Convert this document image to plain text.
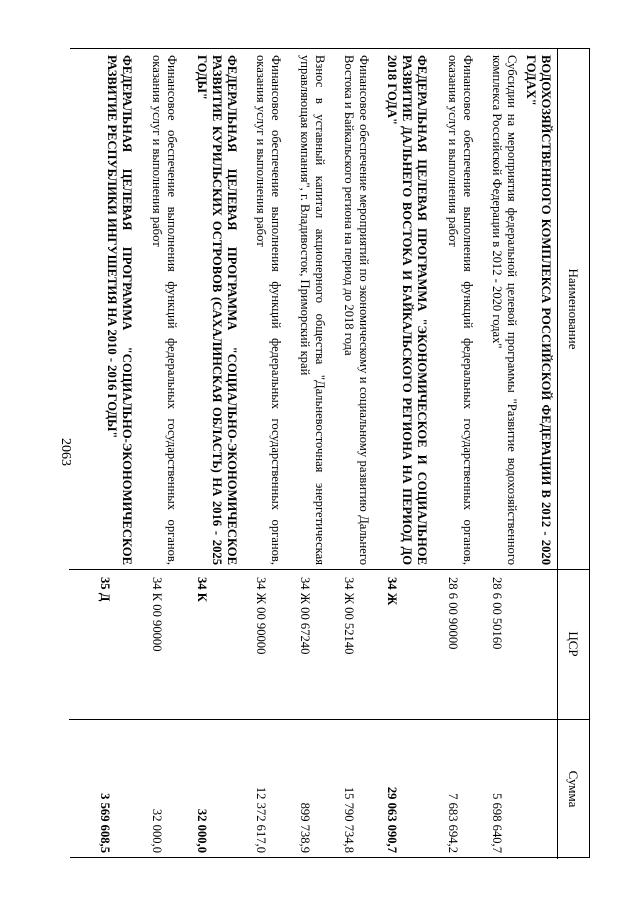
2063
Наименование
ЦСР
Сумма
ВОДОХОЗЯЙСТВЕННОГО КОМПЛЕКСА РОССИЙСКОЙ ФЕДЕРАЦИИ В 2012 - 2020 ГОДАХ"
Субсидии на мероприятия федеральной целевой программы "Развитие водохозяйственного комплекса Российской Федерации в 2012 - 2020 годах"
28 6 00 50160
5 698 640,7
Финансовое обеспечение выполнения функций федеральных государственных органов, оказания услуг и выполнения работ
28 6 00 90000
7 683 694,2
ФЕДЕРАЛЬНАЯ ЦЕЛЕВАЯ ПРОГРАММА "ЭКОНОМИЧЕСКОЕ И СОЦИАЛЬНОЕ РАЗВИТИЕ ДАЛЬНЕГО ВОСТОКА И БАЙКАЛЬСКОГО РЕГИОНА НА ПЕРИОД ДО 2018 ГОДА"
34 Ж
29 063 090,7
Финансовое обеспечение мероприятий по экономическому и социальному развитию Дальнего Востока и Байкальского региона на период до 2018 года
34 Ж 00 52140
15 790 734,8
Взнос в уставный капитал акционерного общества "Дальневосточная энергетическая управляющая компания", г. Владивосток, Приморский край
34 Ж 00 67240
899 738,9
Финансовое обеспечение выполнения функций федеральных государственных органов, оказания услуг и выполнения работ
34 Ж 00 90000
12 372 617,0
ФЕДЕРАЛЬНАЯ ЦЕЛЕВАЯ ПРОГРАММА "СОЦИАЛЬНО-ЭКОНОМИЧЕСКОЕ РАЗВИТИЕ КУРИЛЬСКИХ ОСТРОВОВ (САХАЛИНСКАЯ ОБЛАСТЬ) НА 2016 - 2025 ГОДЫ"
34 К
32 000,0
Финансовое обеспечение выполнения функций федеральных государственных органов, оказания услуг и выполнения работ
34 К 00 90000
32 000,0
ФЕДЕРАЛЬНАЯ ЦЕЛЕВАЯ ПРОГРАММА "СОЦИАЛЬНО-ЭКОНОМИЧЕСКОЕ РАЗВИТИЕ РЕСПУБЛИКИ ИНГУШЕТИЯ НА 2010 - 2016 ГОДЫ"
35 Д
3 569 608,5
